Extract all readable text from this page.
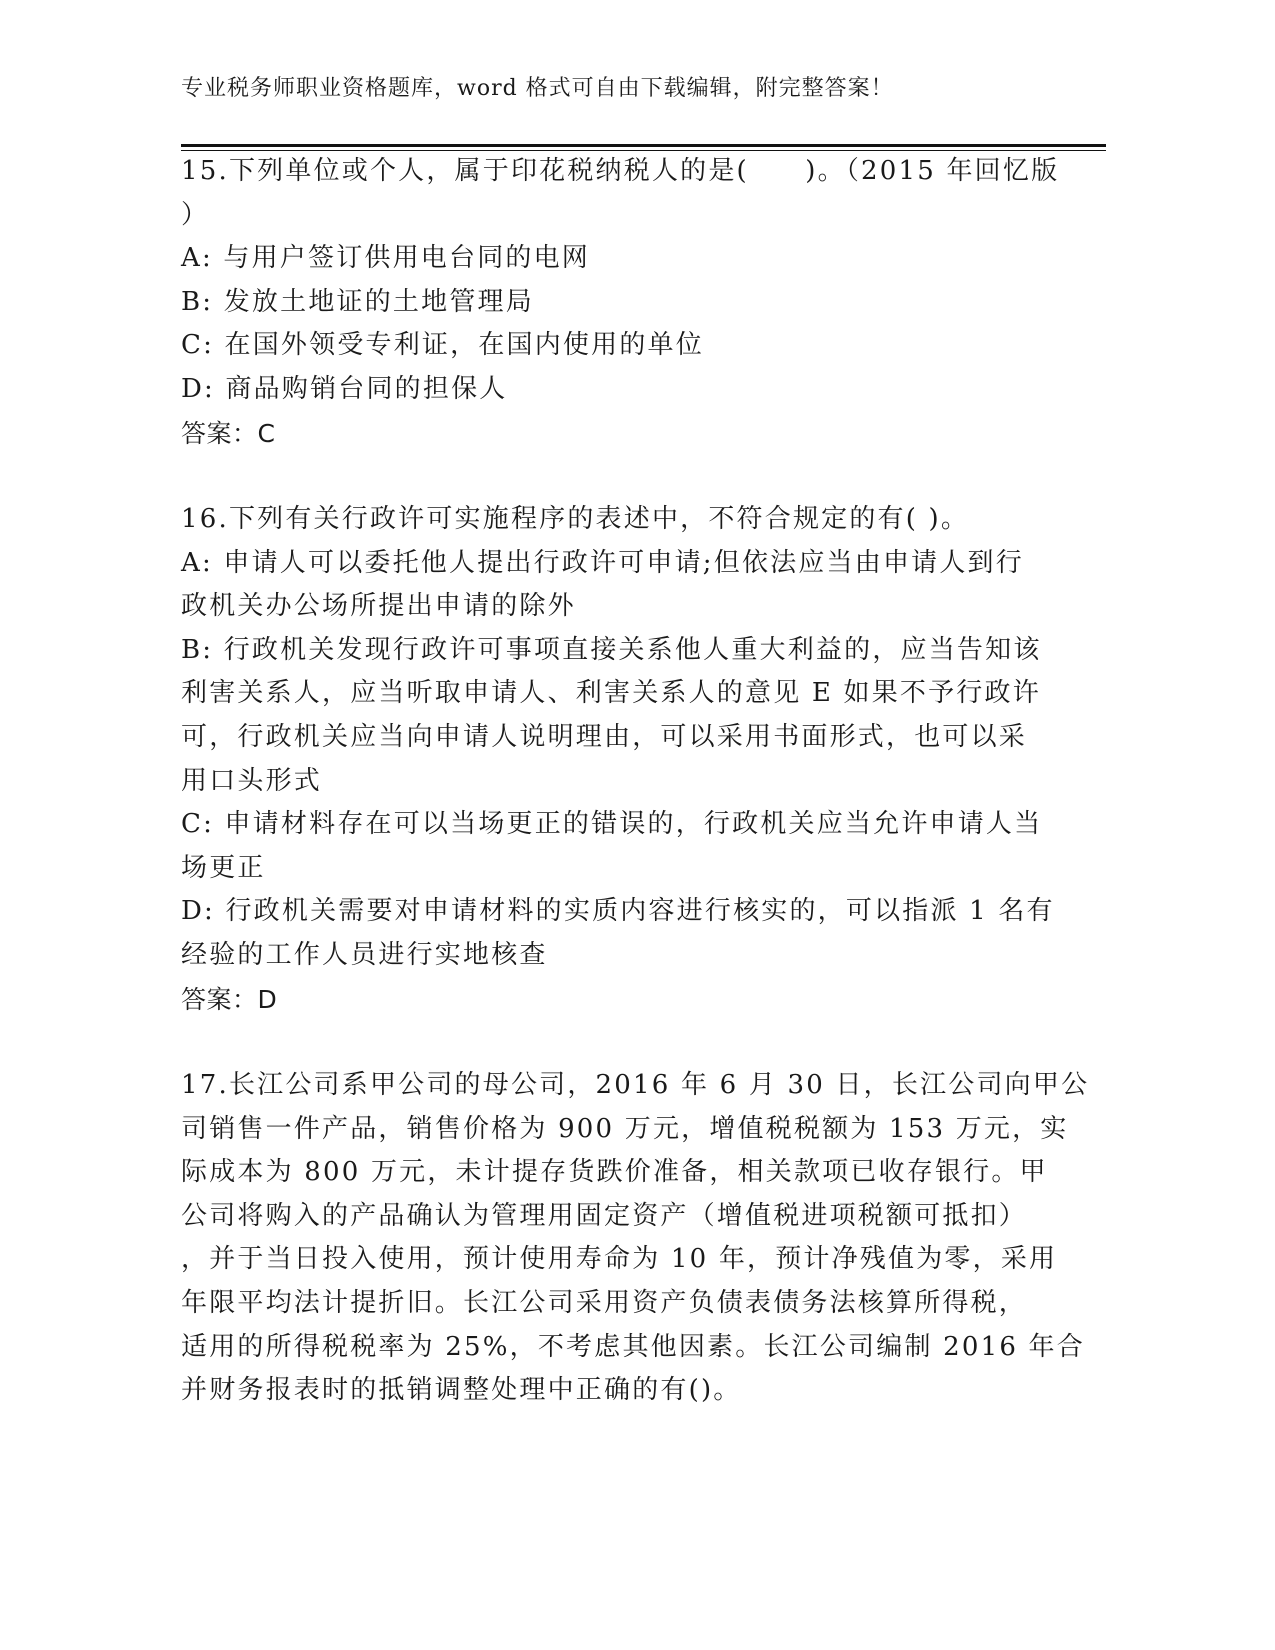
专业税务师职业资格题库，word 格式可自由下载编辑，附完整答案！

15.下列单位或个人，属于印花税纳税人的是(　　)。（2015 年回忆版

）

A: 与用户签订供用电台同的电网

B: 发放土地证的土地管理局

C: 在国外领受专利证，在国内使用的单位

D: 商品购销台同的担保人

答案：C

16.下列有关行政许可实施程序的表述中，不符合规定的有( )。

A: 申请人可以委托他人提出行政许可申请;但依法应当由申请人到行

政机关办公场所提出申请的除外

B: 行政机关发现行政许可事项直接关系他人重大利益的，应当告知该

利害关系人，应当听取申请人、利害关系人的意见 E 如果不予行政许

可，行政机关应当向申请人说明理由，可以采用书面形式，也可以采

用口头形式

C: 申请材料存在可以当场更正的错误的，行政机关应当允许申请人当

场更正

D: 行政机关需要对申请材料的实质内容进行核实的，可以指派 1 名有

经验的工作人员进行实地核查

答案：D

17.长江公司系甲公司的母公司，2016 年 6 月 30 日，长江公司向甲公

司销售一件产品，销售价格为 900 万元，增值税税额为 153 万元，实

际成本为 800 万元，未计提存货跌价准备，相关款项已收存银行。甲

公司将购入的产品确认为管理用固定资产（增值税进项税额可抵扣）

，并于当日投入使用，预计使用寿命为 10 年，预计净残值为零，采用

年限平均法计提折旧。长江公司采用资产负债表债务法核算所得税，

适用的所得税税率为 25%，不考虑其他因素。长江公司编制 2016 年合

并财务报表时的抵销调整处理中正确的有()。
